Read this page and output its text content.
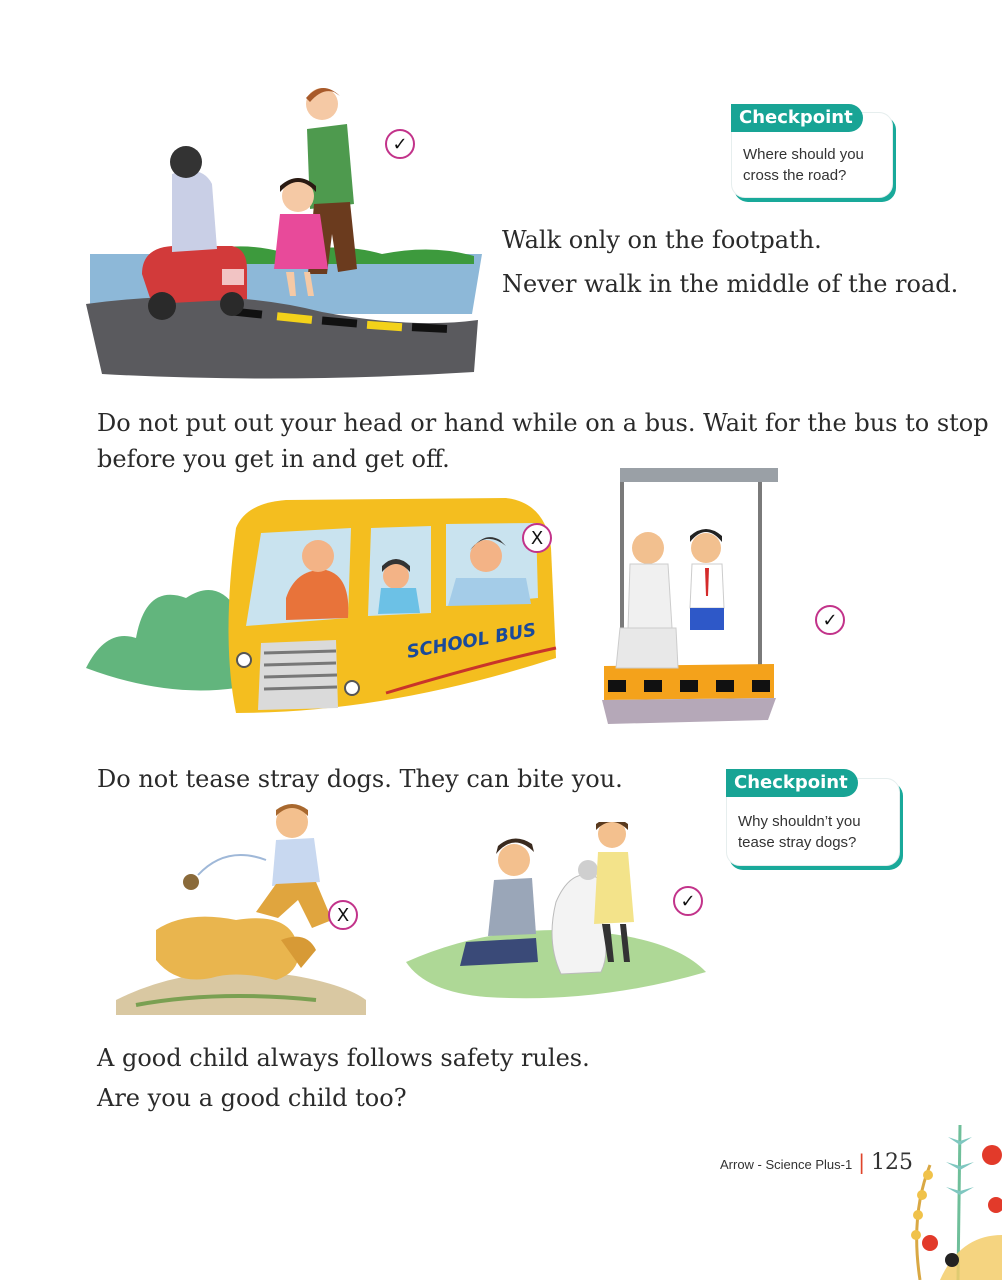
✓
Checkpoint
Where should you cross the road?
Walk only on the footpath.
Never walk in the middle of the road.
Do not put out your head or hand while on a bus. Wait for the bus to stop
before you get in and get off.
SCHOOL BUS
X
✓
Do not tease stray dogs. They can bite you.	Checkpoint
Why shouldn’t you tease stray dogs?
X
✓
A good child always follows safety rules.
Are you a good child too?
Arrow - Science Plus-1 | 125
